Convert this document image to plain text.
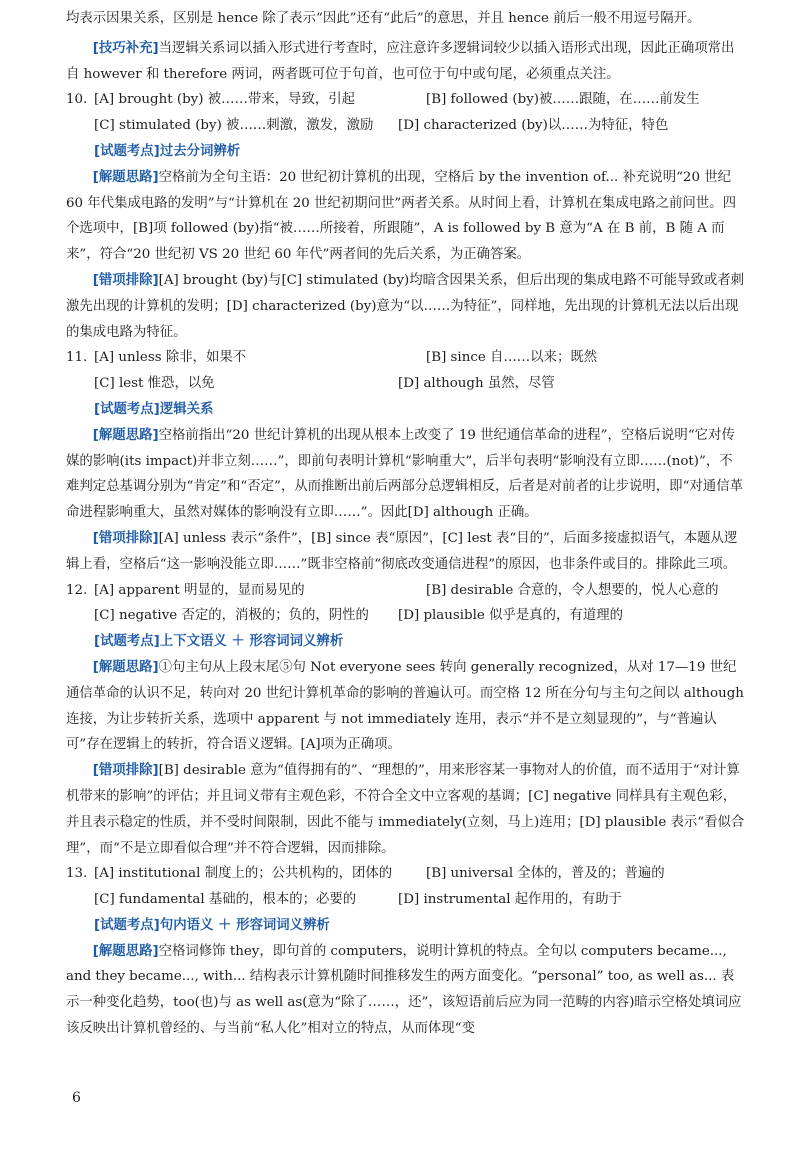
均表示因果关系，区别是 hence 除了表示“因此”还有“此后”的意思，并且 hence 前后一般不用逗号隔开。

[技巧补充]当逻辑关系词以插入形式进行考查时，应注意许多逻辑词较少以插入语形式出现，因此正确项常出自 however 和 therefore 两词，两者既可位于句首，也可位于句中或句尾，必须重点关注。

10. [A] brought (by) 被……带来，导致，引起	[B] followed (by)被……跟随，在……前发生
[C] stimulated (by) 被……刺激，激发，激励	[D] characterized (by)以……为特征，特色
[试题考点]过去分词辨析

[解题思路]空格前为全句主语：20 世纪初计算机的出现，空格后 by the invention of... 补充说明“20 世纪 60 年代集成电路的发明”与“计算机在 20 世纪初期问世”两者关系。从时间上看，计算机在集成电路之前问世。四个选项中，[B]项 followed (by)指“被……所接着，所跟随”，A is followed by B 意为“A 在 B 前，B 随 A 而来”，符合“20 世纪初 VS 20 世纪 60 年代”两者间的先后关系，为正确答案。

[错项排除][A] brought (by)与[C] stimulated (by)均暗含因果关系，但后出现的集成电路不可能导致或者刺激先出现的计算机的发明；[D] characterized (by)意为“以……为特征”，同样地，先出现的计算机无法以后出现的集成电路为特征。

11. [A] unless 除非，如果不	[B] since 自……以来；既然
[C] lest 惟恐，以免	[D] although 虽然，尽管
[试题考点]逻辑关系

[解题思路]空格前指出“20 世纪计算机的出现从根本上改变了 19 世纪通信革命的进程”，空格后说明“它对传媒的影响(its impact)并非立刻……”，即前句表明计算机“影响重大”，后半句表明“影响没有立即……(not)”，不难判定总基调分别为“肯定”和“否定”，从而推断出前后两部分总逻辑相反，后者是对前者的让步说明，即“对通信革命进程影响重大，虽然对媒体的影响没有立即……”。因此[D] although 正确。

[错项排除][A] unless 表示“条件”，[B] since 表“原因”，[C] lest 表“目的”，后面多接虚拟语气，本题从逻辑上看，空格后“这一影响没能立即……”既非空格前“彻底改变通信进程”的原因，也非条件或目的。排除此三项。

12. [A] apparent 明显的，显而易见的	[B] desirable 合意的，令人想要的，悦人心意的
[C] negative 否定的，消极的；负的，阴性的	[D] plausible 似乎是真的，有道理的
[试题考点]上下文语义 ＋ 形容词词义辨析

[解题思路]①句主句从上段末尾⑤句 Not everyone sees 转向 generally recognized，从对 17—19 世纪通信革命的认识不足，转向对 20 世纪计算机革命的影响的普遍认可。而空格 12 所在分句与主句之间以 although 连接，为让步转折关系，选项中 apparent 与 not immediately 连用，表示“并不是立刻显现的”，与“普遍认可”存在逻辑上的转折，符合语义逻辑。[A]项为正确项。

[错项排除][B] desirable 意为“值得拥有的”、“理想的”，用来形容某一事物对人的价值，而不适用于“对计算机带来的影响”的评估；并且词义带有主观色彩，不符合全文中立客观的基调；[C] negative 同样具有主观色彩，并且表示稳定的性质，并不受时间限制，因此不能与 immediately(立刻，马上)连用；[D] plausible 表示“看似合理”，而“不是立即看似合理”并不符合逻辑，因而排除。

13. [A] institutional 制度上的；公共机构的，团体的	[B] universal 全体的，普及的；普遍的
[C] fundamental 基础的，根本的；必要的	[D] instrumental 起作用的，有助于
[试题考点]句内语义 ＋ 形容词词义辨析

[解题思路]空格词修饰 they，即句首的 computers，说明计算机的特点。全句以 computers became..., and they became..., with... 结构表示计算机随时间推移发生的两方面变化。“personal” too, as well as... 表示一种变化趋势，too(也)与 as well as(意为“除了……，还”，该短语前后应为同一范畴的内容)暗示空格处填词应该反映出计算机曾经的、与当前“私人化”相对立的特点，从而体现“变

6
